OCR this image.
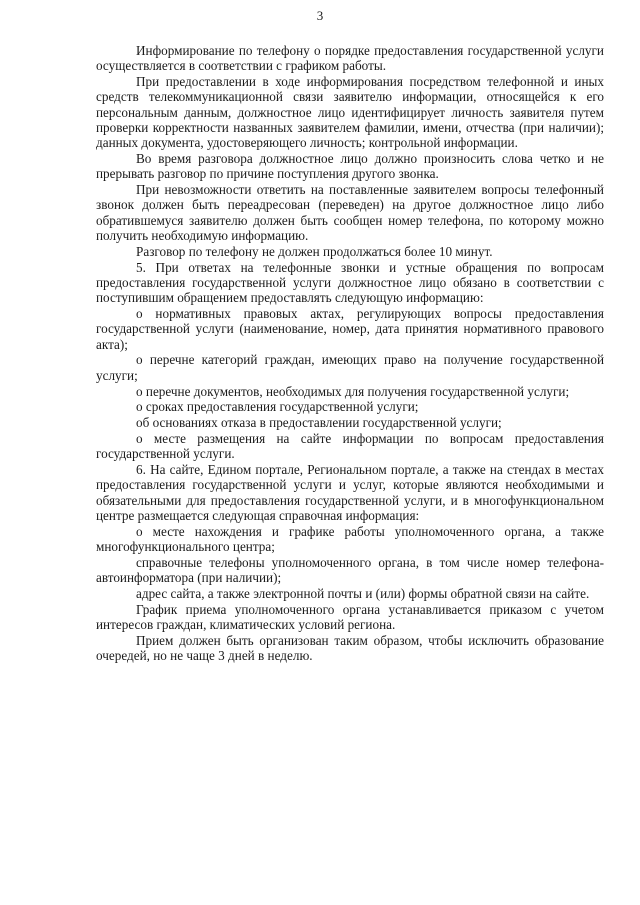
3

Информирование по телефону о порядке предоставления государственной услуги осуществляется в соответствии с графиком работы.

При предоставлении в ходе информирования посредством телефонной и иных средств телекоммуникационной связи заявителю информации, относящейся к его персональным данным, должностное лицо идентифицирует личность заявителя путем проверки корректности названных заявителем фамилии, имени, отчества (при наличии); данных документа, удостоверяющего личность; контрольной информации.

Во время разговора должностное лицо должно произносить слова четко и не прерывать разговор по причине поступления другого звонка.

При невозможности ответить на поставленные заявителем вопросы телефонный звонок должен быть переадресован (переведен) на другое должностное лицо либо обратившемуся заявителю должен быть сообщен номер телефона, по которому можно получить необходимую информацию.

Разговор по телефону не должен продолжаться более 10 минут.

5. При ответах на телефонные звонки и устные обращения по вопросам предоставления государственной услуги должностное лицо обязано в соответствии с поступившим обращением предоставлять следующую информацию:

о нормативных правовых актах, регулирующих вопросы предоставления государственной услуги (наименование, номер, дата принятия нормативного правового акта);

о перечне категорий граждан, имеющих право на получение государственной услуги;

о перечне документов, необходимых для получения государственной услуги;

о сроках предоставления государственной услуги;

об основаниях отказа в предоставлении государственной услуги;

о месте размещения на сайте информации по вопросам предоставления государственной услуги.

6. На сайте, Едином портале, Региональном портале, а также на стендах в местах предоставления государственной услуги и услуг, которые являются необходимыми и обязательными для предоставления государственной услуги, и в многофункциональном центре размещается следующая справочная информация:

о месте нахождения и графике работы уполномоченного органа, а также многофункционального центра;

справочные телефоны уполномоченного органа, в том числе номер телефона-автоинформатора (при наличии);

адрес сайта, а также электронной почты и (или) формы обратной связи на сайте.

График приема уполномоченного органа устанавливается приказом с учетом интересов граждан, климатических условий региона.

Прием должен быть организован таким образом, чтобы исключить образование очередей, но не чаще 3 дней в неделю.
